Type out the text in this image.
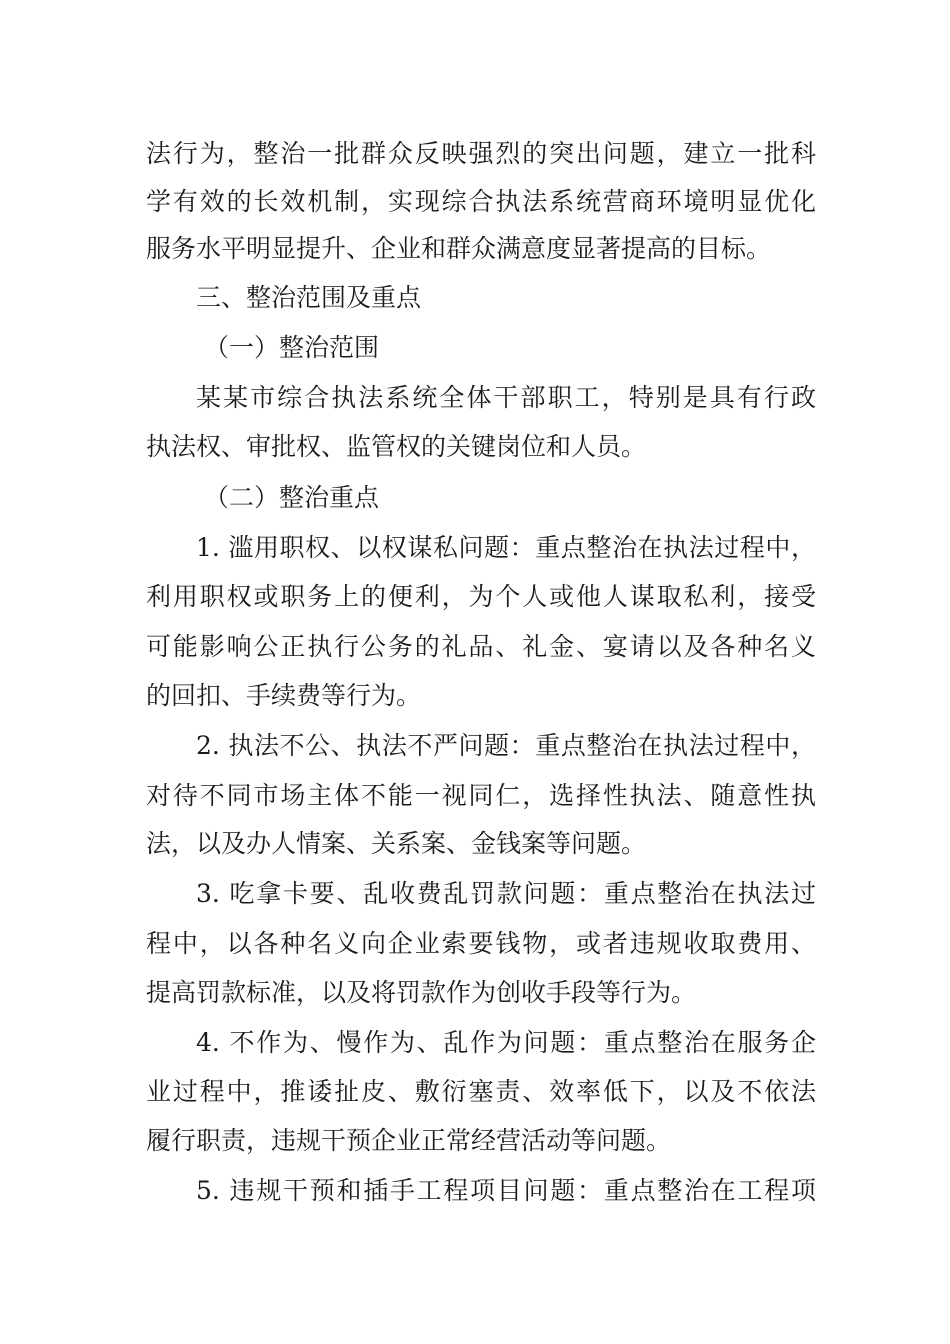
法行为，整治一批群众反映强烈的突出问题，建立一批科
学有效的长效机制，实现综合执法系统营商环境明显优化
服务水平明显提升、企业和群众满意度显著提高的目标。
三、整治范围及重点
（一）整治范围
某某市综合执法系统全体干部职工，特别是具有行政
执法权、审批权、监管权的关键岗位和人员。
（二）整治重点
1. 滥用职权、以权谋私问题：重点整治在执法过程中，
利用职权或职务上的便利，为个人或他人谋取私利，接受
可能影响公正执行公务的礼品、礼金、宴请以及各种名义
的回扣、手续费等行为。
2. 执法不公、执法不严问题：重点整治在执法过程中，
对待不同市场主体不能一视同仁，选择性执法、随意性执
法，以及办人情案、关系案、金钱案等问题。
3. 吃拿卡要、乱收费乱罚款问题：重点整治在执法过
程中，以各种名义向企业索要钱物，或者违规收取费用、
提高罚款标准，以及将罚款作为创收手段等行为。
4. 不作为、慢作为、乱作为问题：重点整治在服务企
业过程中，推诿扯皮、敷衍塞责、效率低下，以及不依法
履行职责，违规干预企业正常经营活动等问题。
5. 违规干预和插手工程项目问题：重点整治在工程项
